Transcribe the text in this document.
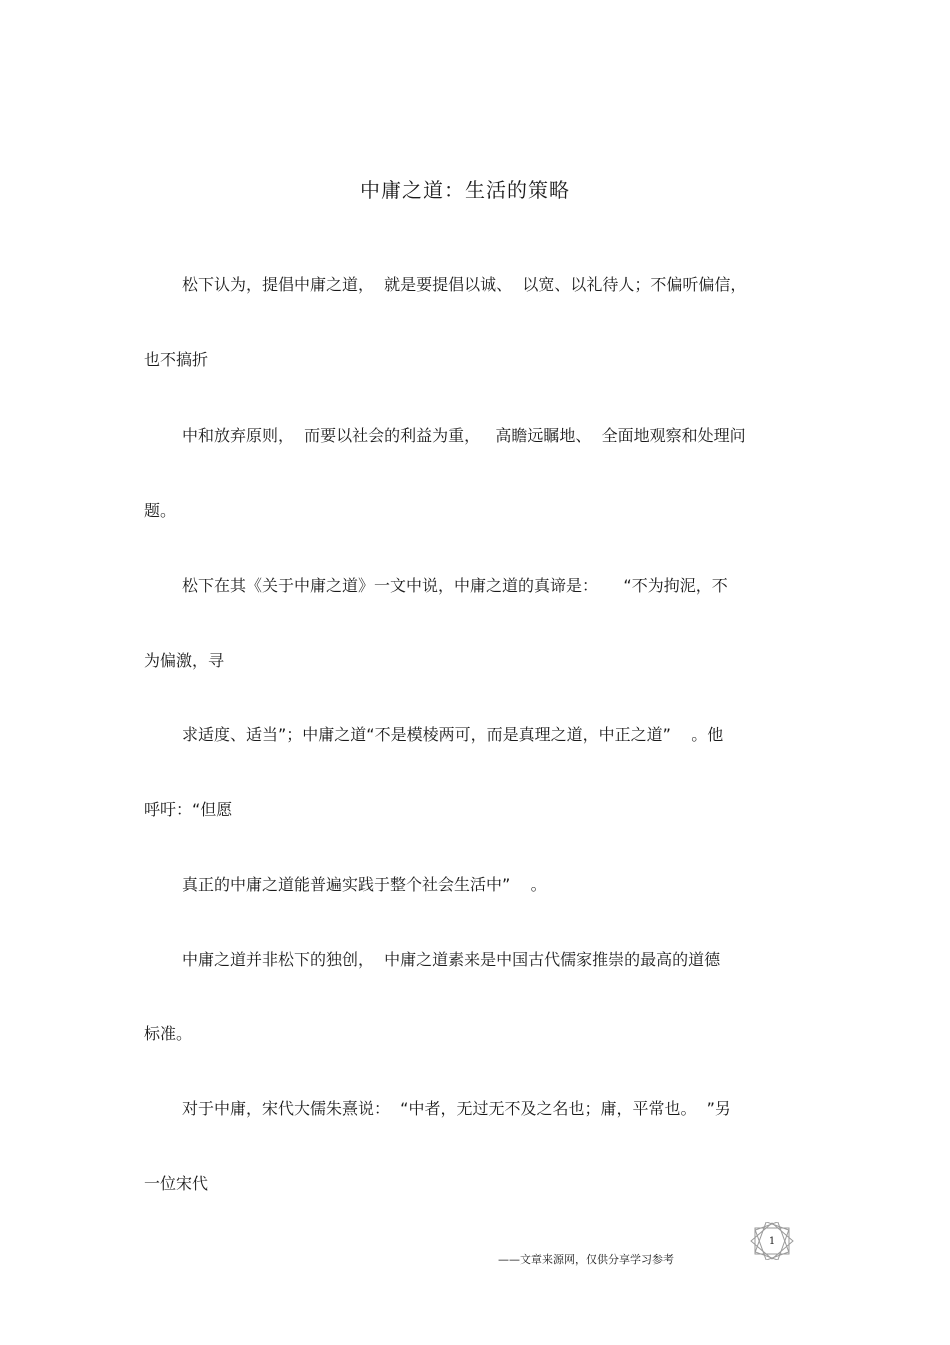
中庸之道：生活的策略
松下认为，提倡中庸之道，  就是要提倡以诚、  以宽、以礼待人；不偏听偏信，
也不搞折
中和放弃原则，  而要以社会的利益为重，   高瞻远瞩地、  全面地观察和处理问
题。
松下在其《关于中庸之道》一文中说，中庸之道的真谛是：     “不为拘泥，不
为偏激，寻
求适度、适当”；中庸之道“不是模棱两可，而是真理之道，中正之道”    。他
呼吁：“但愿
真正的中庸之道能普遍实践于整个社会生活中”    。
中庸之道并非松下的独创，  中庸之道素来是中国古代儒家推崇的最高的道德
标准。
对于中庸，宋代大儒朱熹说：  “中者，无过无不及之名也；庸，平常也。  ”另
一位宋代
——文章来源网，仅供分享学习参考
1
